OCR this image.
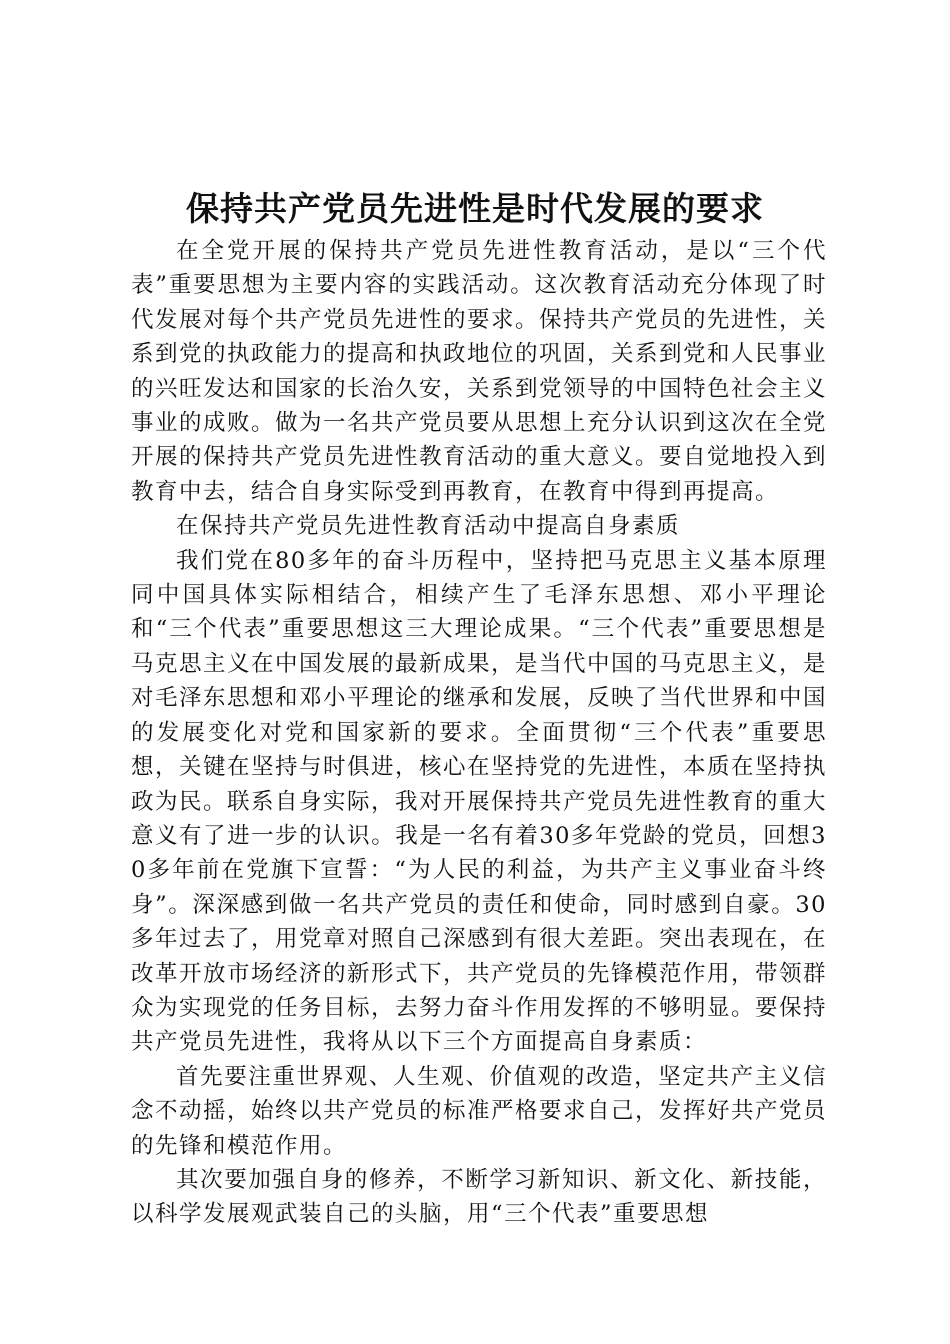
保持共产党员先进性是时代发展的要求

在全党开展的保持共产党员先进性教育活动，是以“三个代表”重要思想为主要内容的实践活动。这次教育活动充分体现了时代发展对每个共产党员先进性的要求。保持共产党员的先进性，关系到党的执政能力的提高和执政地位的巩固，关系到党和人民事业的兴旺发达和国家的长治久安，关系到党领导的中国特色社会主义事业的成败。做为一名共产党员要从思想上充分认识到这次在全党开展的保持共产党员先进性教育活动的重大意义。要自觉地投入到教育中去，结合自身实际受到再教育，在教育中得到再提高。

在保持共产党员先进性教育活动中提高自身素质

我们党在80多年的奋斗历程中，坚持把马克思主义基本原理同中国具体实际相结合，相续产生了毛泽东思想、邓小平理论和“三个代表”重要思想这三大理论成果。“三个代表”重要思想是马克思主义在中国发展的最新成果，是当代中国的马克思主义，是对毛泽东思想和邓小平理论的继承和发展，反映了当代世界和中国的发展变化对党和国家新的要求。全面贯彻“三个代表”重要思想，关键在坚持与时俱进，核心在坚持党的先进性，本质在坚持执政为民。联系自身实际，我对开展保持共产党员先进性教育的重大意义有了进一步的认识。我是一名有着30多年党龄的党员，回想30多年前在党旗下宣誓：“为人民的利益，为共产主义事业奋斗终身”。深深感到做一名共产党员的责任和使命，同时感到自豪。30多年过去了，用党章对照自己深感到有很大差距。突出表现在，在改革开放市场经济的新形式下，共产党员的先锋模范作用，带领群众为实现党的任务目标，去努力奋斗作用发挥的不够明显。要保持共产党员先进性，我将从以下三个方面提高自身素质：

首先要注重世界观、人生观、价值观的改造，坚定共产主义信念不动摇，始终以共产党员的标准严格要求自己，发挥好共产党员的先锋和模范作用。

其次要加强自身的修养，不断学习新知识、新文化、新技能，以科学发展观武装自己的头脑，用“三个代表”重要思想
